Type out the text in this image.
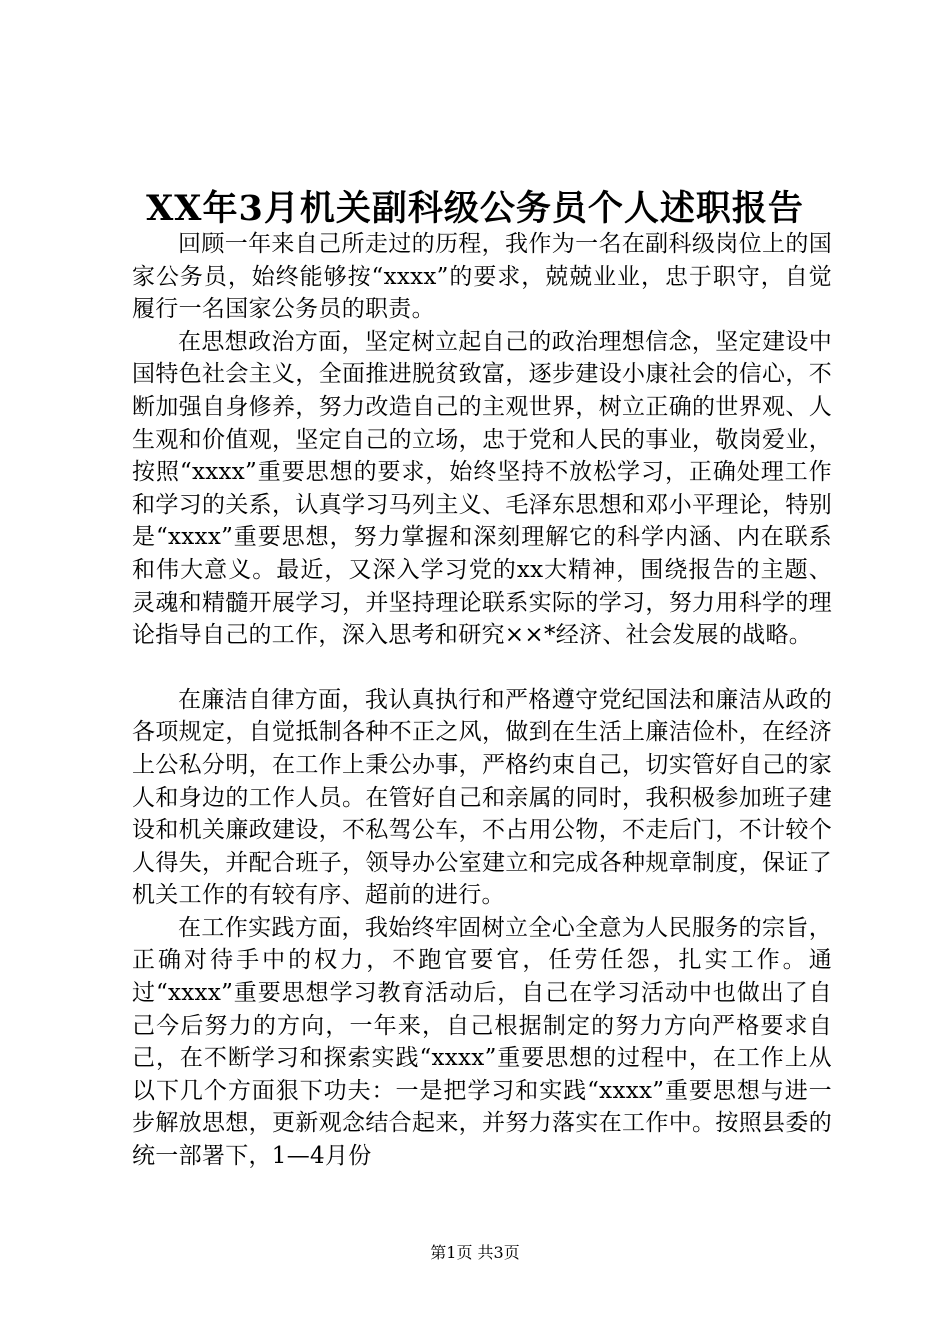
XX年3月机关副科级公务员个人述职报告

回顾一年来自己所走过的历程，我作为一名在副科级岗位上的国家公务员，始终能够按“xxxx”的要求，兢兢业业，忠于职守，自觉履行一名国家公务员的职责。

在思想政治方面，坚定树立起自己的政治理想信念，坚定建设中国特色社会主义，全面推进脱贫致富，逐步建设小康社会的信心，不断加强自身修养，努力改造自己的主观世界，树立正确的世界观、人生观和价值观，坚定自己的立场，忠于党和人民的事业，敬岗爱业，按照“xxxx”重要思想的要求，始终坚持不放松学习，正确处理工作和学习的关系，认真学习马列主义、毛泽东思想和邓小平理论，特别是“xxxx”重要思想，努力掌握和深刻理解它的科学内涵、内在联系和伟大意义。最近，又深入学习党的xx大精神，围绕报告的主题、灵魂和精髓开展学习，并坚持理论联系实际的学习，努力用科学的理论指导自己的工作，深入思考和研究××*经济、社会发展的战略。

在廉洁自律方面，我认真执行和严格遵守党纪国法和廉洁从政的各项规定，自觉抵制各种不正之风，做到在生活上廉洁俭朴，在经济上公私分明，在工作上秉公办事，严格约束自己，切实管好自己的家人和身边的工作人员。在管好自己和亲属的同时，我积极参加班子建设和机关廉政建设，不私驾公车，不占用公物，不走后门，不计较个人得失，并配合班子，领导办公室建立和完成各种规章制度，保证了机关工作的有较有序、超前的进行。

在工作实践方面，我始终牢固树立全心全意为人民服务的宗旨，正确对待手中的权力，不跑官要官，任劳任怨，扎实工作。通过“xxxx”重要思想学习教育活动后，自己在学习活动中也做出了自己今后努力的方向，一年来，自己根据制定的努力方向严格要求自己，在不断学习和探索实践“xxxx”重要思想的过程中，在工作上从以下几个方面狠下功夫：一是把学习和实践“xxxx”重要思想与进一步解放思想，更新观念结合起来，并努力落实在工作中。按照县委的统一部署下，1—4月份

第1页 共3页
